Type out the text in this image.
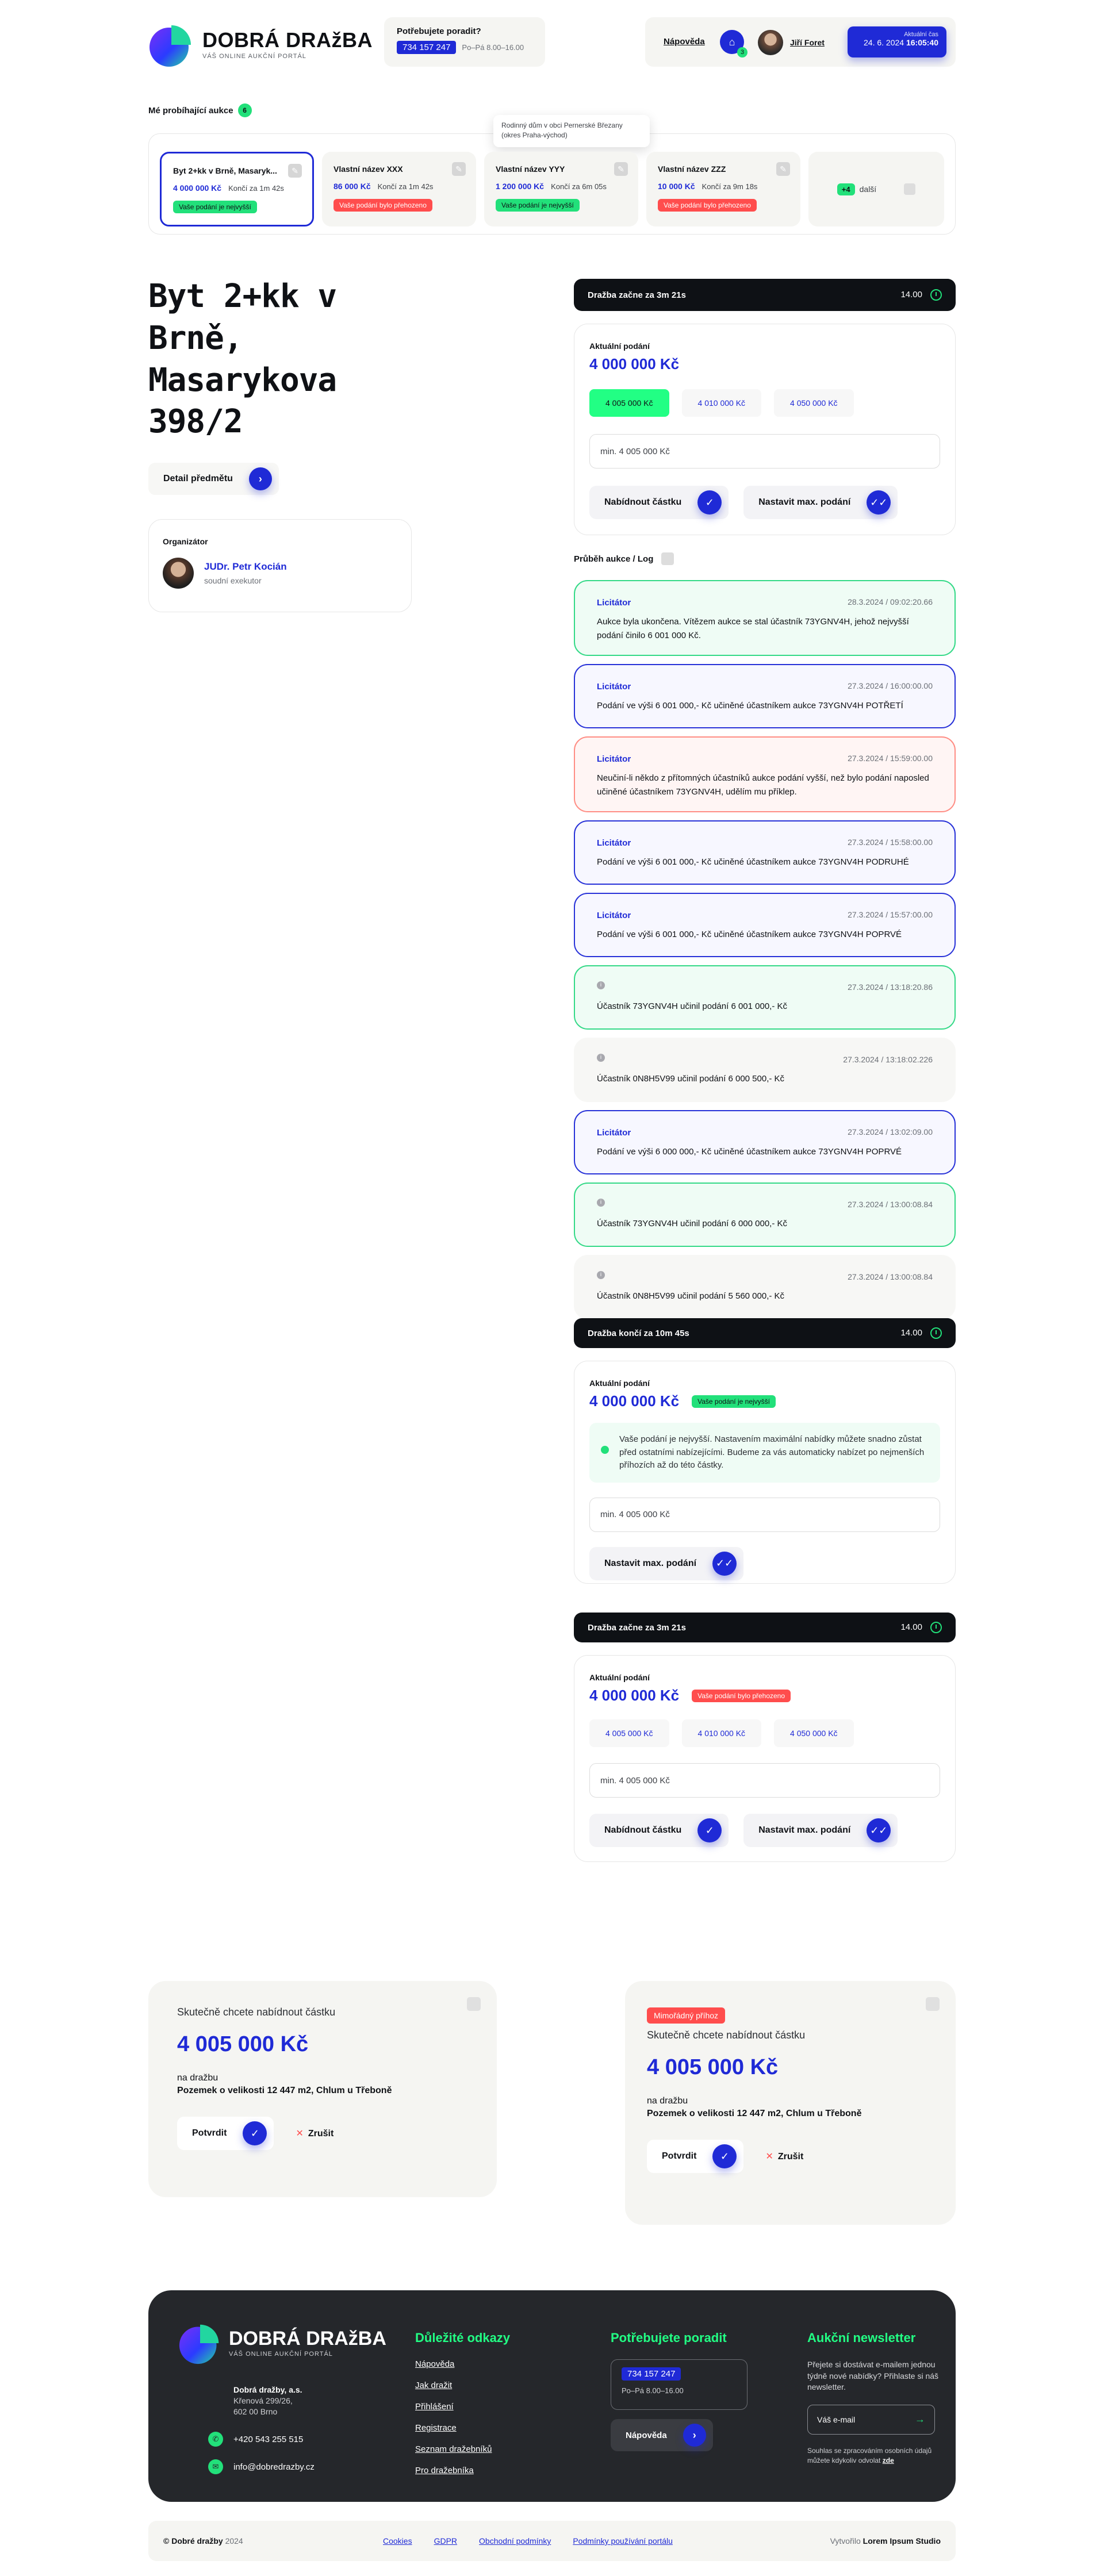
DOBRÁ DRAžBA
VÁŠ ONLINE AUKČNÍ PORTÁL
Potřebujete poradit?
734 157 247	Po–Pá 8.00–16.00
Nápověda	⌂
3
Jiří Foret
Aktuální čas
24. 6. 2024 16:05:40
Mé probíhající aukce	6
Rodinný dům v obci Pernerské Březany (okres Praha-východ)
Byt 2+kk v Brně, Masaryk...
4 000 000 Kč Končí za 1m 42s
Vaše podání je nejvyšší
✎	Vlastní název XXX
86 000 Kč Končí za 1m 42s
Vaše podání bylo přehozeno
✎	Vlastní název YYY
1 200 000 Kč Končí za 6m 05s
Vaše podání je nejvyšší
✎	Vlastní název ZZZ
10 000 Kč Končí za 9m 18s
Vaše podání bylo přehozeno
✎
+4	další
Byt 2+kk v Brně,
Masarykova 398/2
Detail předmětu	›
Organizátor
JUDr. Petr Kocián
soudní exekutor
Dražba začne za 3m 21s	14.00
Aktuální podání
4 000 000 Kč
4 005 000 Kč	4 010 000 Kč	4 050 000 Kč
min. 4 005 000 Kč
Nabídnout částku	✓	Nastavit max. podání	✓✓
Průběh aukce / Log
Licitátor	28.3.2024 / 09:02:20.66
Aukce byla ukončena. Vítězem aukce se stal účastník 73YGNV4H, jehož nejvyšší podání činilo 6 001 000 Kč.
Licitátor	27.3.2024 / 16:00:00.00
Podání ve výši 6 001 000,- Kč učiněné účastníkem aukce 73YGNV4H POTŘETÍ
Licitátor	27.3.2024 / 15:59:00.00
Neučiní-li někdo z přítomných účastníků aukce podání vyšší, než bylo podání naposled učiněné účastníkem 73YGNV4H, udělím mu příklep.
Licitátor	27.3.2024 / 15:58:00.00
Podání ve výši 6 001 000,- Kč učiněné účastníkem aukce 73YGNV4H PODRUHÉ
Licitátor	27.3.2024 / 15:57:00.00
Podání ve výši 6 001 000,- Kč učiněné účastníkem aukce 73YGNV4H POPRVÉ
i	27.3.2024 / 13:18:20.86
Účastník 73YGNV4H učinil podání 6 001 000,- Kč
i	27.3.2024 / 13:18:02.226
Účastník 0N8H5V99 učinil podání 6 000 500,- Kč
Licitátor	27.3.2024 / 13:02:09.00
Podání ve výši 6 000 000,- Kč učiněné účastníkem aukce 73YGNV4H POPRVÉ
i	27.3.2024 / 13:00:08.84
Účastník 73YGNV4H učinil podání 6 000 000,- Kč
i	27.3.2024 / 13:00:08.84
Účastník 0N8H5V99 učinil podání 5 560 000,- Kč
Dražba končí za 10m 45s	14.00
Aktuální podání
4 000 000 Kč	Vaše podání je nejvyšší
Vaše podání je nejvyšší. Nastavením maximální nabídky můžete snadno zůstat před ostatními nabízejícími. Budeme za vás automaticky nabízet po nejmenších příhozích až do této částky.
min. 4 005 000 Kč
Nastavit max. podání	✓✓
Dražba začne za 3m 21s	14.00
Aktuální podání
4 000 000 Kč	Vaše podání bylo přehozeno
4 005 000 Kč	4 010 000 Kč	4 050 000 Kč
min. 4 005 000 Kč
Nabídnout částku	✓	Nastavit max. podání	✓✓
Skutečně chcete nabídnout částku
4 005 000 Kč
na dražbu
Pozemek o velikosti 12 447 m2, Chlum u Třeboně
Potvrdit	✓	✕ Zrušit
Mimořádný příhoz
Skutečně chcete nabídnout částku
4 005 000 Kč
na dražbu
Pozemek o velikosti 12 447 m2, Chlum u Třeboně
Potvrdit	✓	✕ Zrušit
DOBRÁ DRAžBA
VÁŠ ONLINE AUKČNÍ PORTÁL
Dobrá dražby, a.s.
Křenová 299/26,
602 00 Brno
✆	+420 543 255 515
✉	info@dobredrazby.cz
Důležité odkazy
Nápověda
Jak dražit
Přihlášení
Registrace
Seznam dražebníků
Pro dražebníka
Potřebujete poradit
734 157 247
Po–Pá 8.00–16.00
Nápověda	›
Aukční newsletter
Přejete si dostávat e-mailem jednou týdně nové nabídky? Přihlaste si náš newsletter.
Váš e-mail	→
Souhlas se zpracováním osobních údajů můžete kdykoliv odvolat zde
© Dobré dražby 2024	Cookies	GDPR	Obchodní podmínky	Podmínky používání portálu	Vytvořilo Lorem Ipsum Studio
